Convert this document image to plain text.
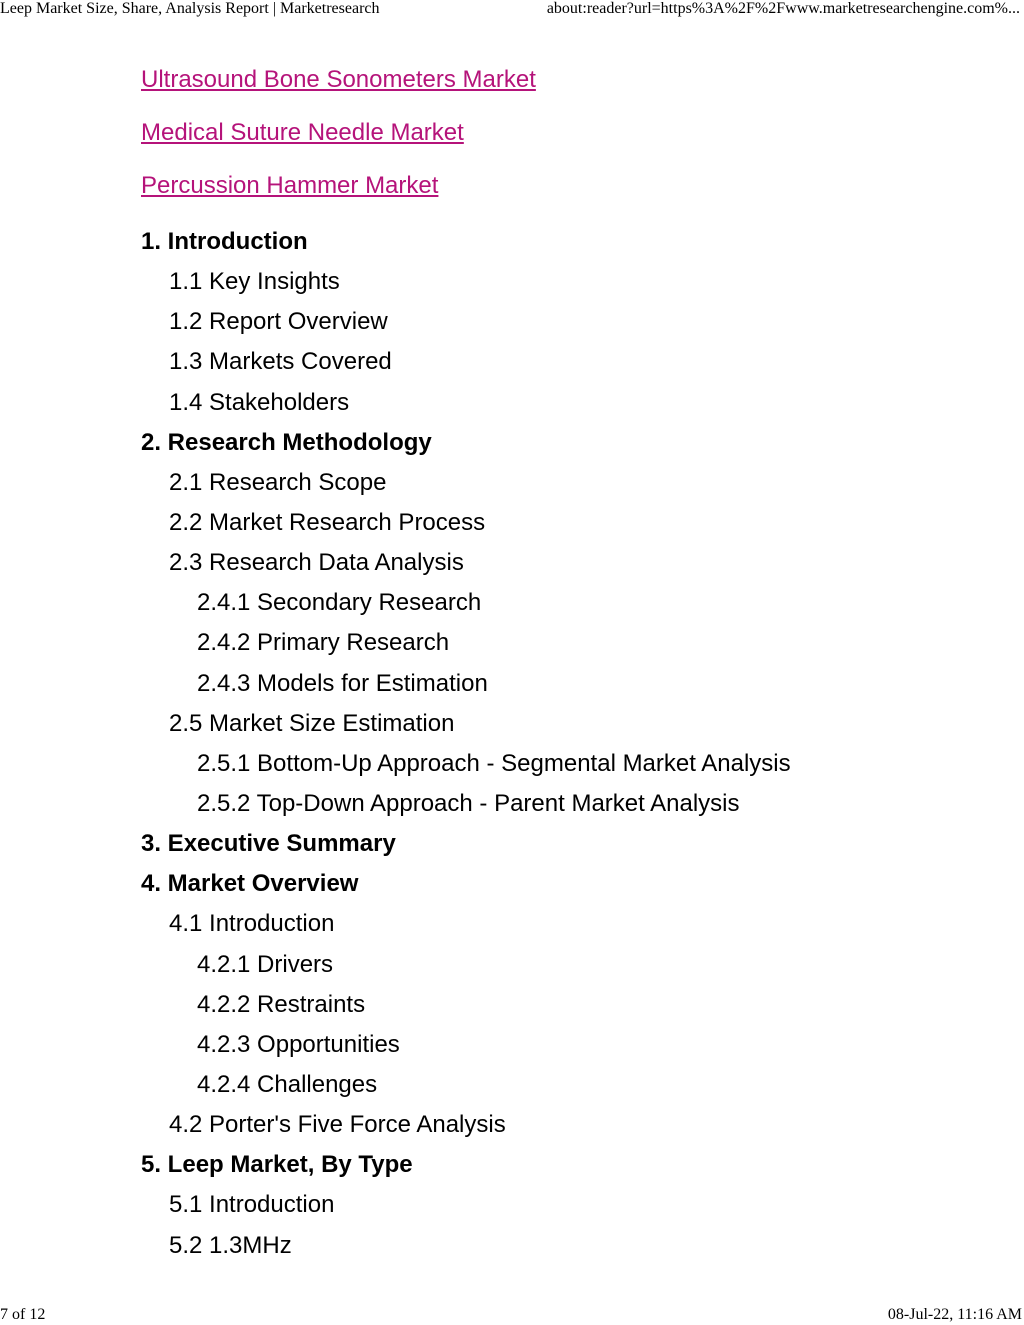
Leep Market Size, Share, Analysis Report | Marketresearch	about:reader?url=https%3A%2F%2Fwww.marketresearchengine.com%...
Ultrasound Bone Sonometers Market
Medical Suture Needle Market
Percussion Hammer Market
1. Introduction
1.1 Key Insights
1.2 Report Overview
1.3 Markets Covered
1.4 Stakeholders
2. Research Methodology
2.1 Research Scope
2.2 Market Research Process
2.3 Research Data Analysis
2.4.1 Secondary Research
2.4.2 Primary Research
2.4.3 Models for Estimation
2.5 Market Size Estimation
2.5.1 Bottom-Up Approach - Segmental Market Analysis
2.5.2 Top-Down Approach - Parent Market Analysis
3. Executive Summary
4. Market Overview
4.1 Introduction
4.2.1 Drivers
4.2.2 Restraints
4.2.3 Opportunities
4.2.4 Challenges
4.2 Porter's Five Force Analysis
5. Leep Market, By Type
5.1 Introduction
5.2 1.3MHz
7 of 12	08-Jul-22, 11:16 AM
